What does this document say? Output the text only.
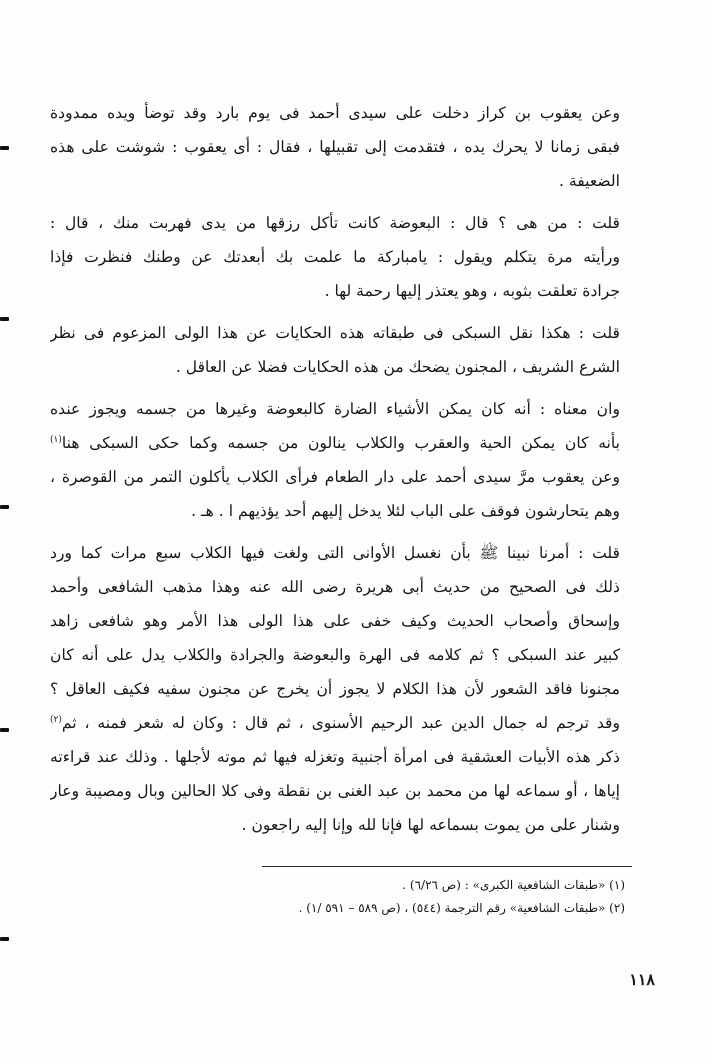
وعن يعقوب بن كراز دخلت على سيدى أحمد فى يوم بارد وقد توضأ ويده ممدودة
فبقى زمانا لا يحرك يده ، فتقدمت إلى تقبيلها ، فقال : أى يعقوب : شوشت على هذه
الضعيفة .

قلت : من هى ؟ قال : البعوضة كانت تأكل رزقها من يدى فهربت منك ، قال :
ورأيته مرة يتكلم ويقول : يامباركة ما علمت بك أبعدتك عن وطنك فنظرت فإذا
جرادة تعلقت بثوبه ، وهو يعتذر إليها رحمة لها .

قلت : هكذا نقل السبكى فى طبقاته هذه الحكايات عن هذا الولى المزعوم فى نظر
الشرع الشريف ، المجنون يضحك من هذه الحكايات فضلا عن العاقل .

وان معناه : أنه كان يمكن الأشياء الضارة كالبعوضة وغيرها من جسمه ويجوز عنده
بأنه كان يمكن الحية والعقرب والكلاب ينالون من جسمه وكما حكى السبكى هنا$^{(١)}$
وعن يعقوب مرَّ سيدى أحمد على دار الطعام فرأى الكلاب يأكلون التمر من القوصرة ،
وهم يتحارشون فوقف على الباب لئلا يدخل إليهم أحد يؤذيهم ا . هـ .

قلت : أمرنا نبينا ﷺ بأن نغسل الأوانى التى ولغت فيها الكلاب سبع مرات كما ورد
ذلك فى الصحيح من حديث أبى هريرة رضى الله عنه وهذا مذهب الشافعى وأحمد
وإسحاق وأصحاب الحديث وكيف خفى على هذا الولى هذا الأمر وهو شافعى زاهد
كبير عند السبكى ؟ ثم كلامه فى الهرة والبعوضة والجرادة والكلاب يدل على أنه كان
مجنونا فاقد الشعور لأن هذا الكلام لا يجوز أن يخرج عن مجنون سفيه فكيف العاقل ؟
وقد ترجم له جمال الدين عبد الرحيم الأسنوى ، ثم قال : وكان له شعر فمنه ، ثم$^{(٢)}$
ذكر هذه الأبيات العشقية فى امرأة أجنبية وتغزله فيها ثم موته لأجلها . وذلك عند قراءته
إياها ، أو سماعه لها من محمد بن عبد الغنى بن نقطة وفى كلا الحالين وبال ومصيبة وعار
وشنار على من يموت بسماعه لها فإنا لله وإنا إليه راجعون .

(١) «طبقات الشافعية الكبرى» : (ص ٦/٢٦) .
(٢) «طبقات الشافعية» رقم الترجمة (٥٤٤) ، (ص ٥٨٩ – ٥٩١ /١) .
١١٨
